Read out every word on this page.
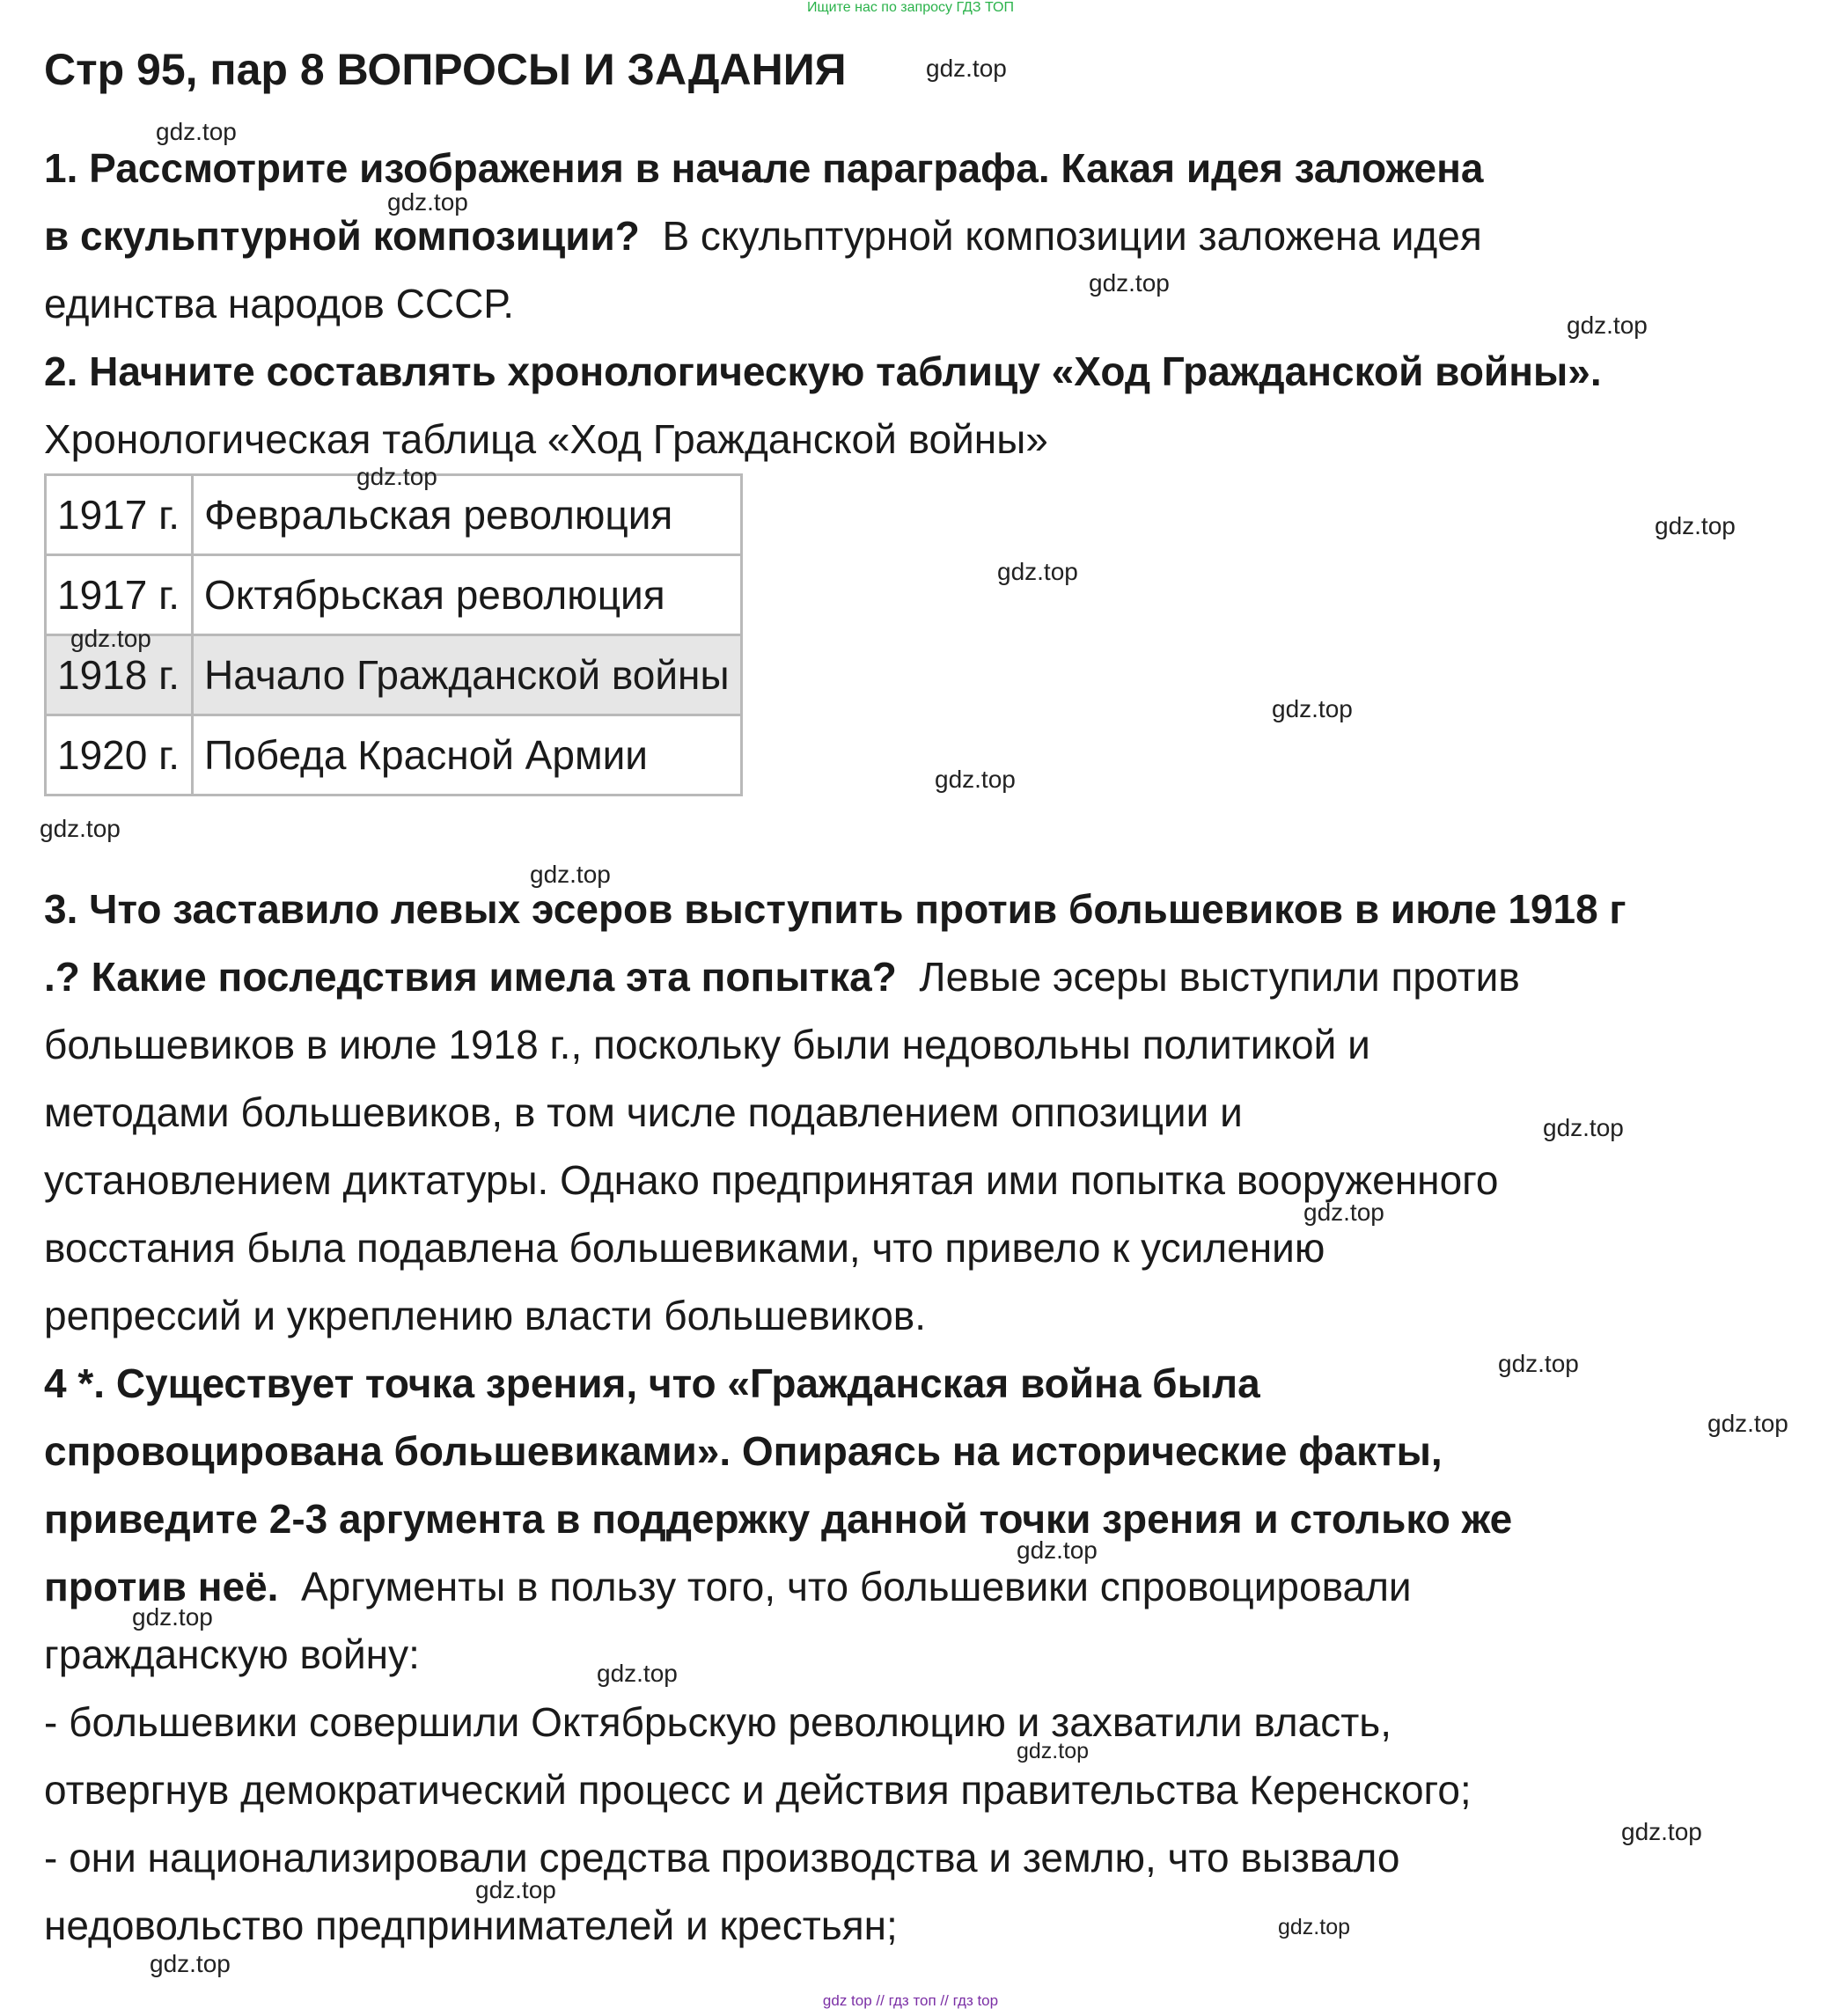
Ищите нас по запросу ГДЗ ТОП
Стр 95, пар 8 ВОПРОСЫ И ЗАДАНИЯ
1. Рассмотрите изображения в начале параграфа. Какая идея заложена
в скульптурной композиции? В скульптурной композиции заложена идея
единства народов СССР.
2. Начните составлять хронологическую таблицу «Ход Гражданской войны».
Хронологическая таблица «Ход Гражданской войны»
1917 г.	Февральская революция
1917 г.	Октябрьская революция
1918 г.	Начало Гражданской войны
1920 г.	Победа Красной Армии
3. Что заставило левых эсеров выступить против большевиков в июле 1918 г
.? Какие последствия имела эта попытка? Левые эсеры выступили против
большевиков в июле 1918 г., поскольку были недовольны политикой и
методами большевиков, в том числе подавлением оппозиции и
установлением диктатуры. Однако предпринятая ими попытка вооруженного
восстания была подавлена большевиками, что привело к усилению
репрессий и укреплению власти большевиков.
4 *. Существует точка зрения, что «Гражданская война была
спровоцирована большевиками». Опираясь на исторические факты,
приведите 2-3 аргумента в поддержку данной точки зрения и столько же
против неё. Аргументы в пользу того, что большевики спровоцировали
гражданскую войну:
- большевики совершили Октябрьскую революцию и захватили власть,
отвергнув демократический процесс и действия правительства Керенского;
- они национализировали средства производства и землю, что вызвало
недовольство предпринимателей и крестьян;
gdz.top
gdz.top
gdz.top
gdz.top
gdz.top
gdz.top
gdz.top
gdz.top
gdz.top
gdz.top
gdz.top
gdz.top
gdz.top
gdz.top
gdz.top
gdz.top
gdz.top
gdz.top
gdz.top
gdz.top
gdz.top
gdz.top
gdz.top
gdz.top
gdz.top
gdz top // гдз топ // гдз top
